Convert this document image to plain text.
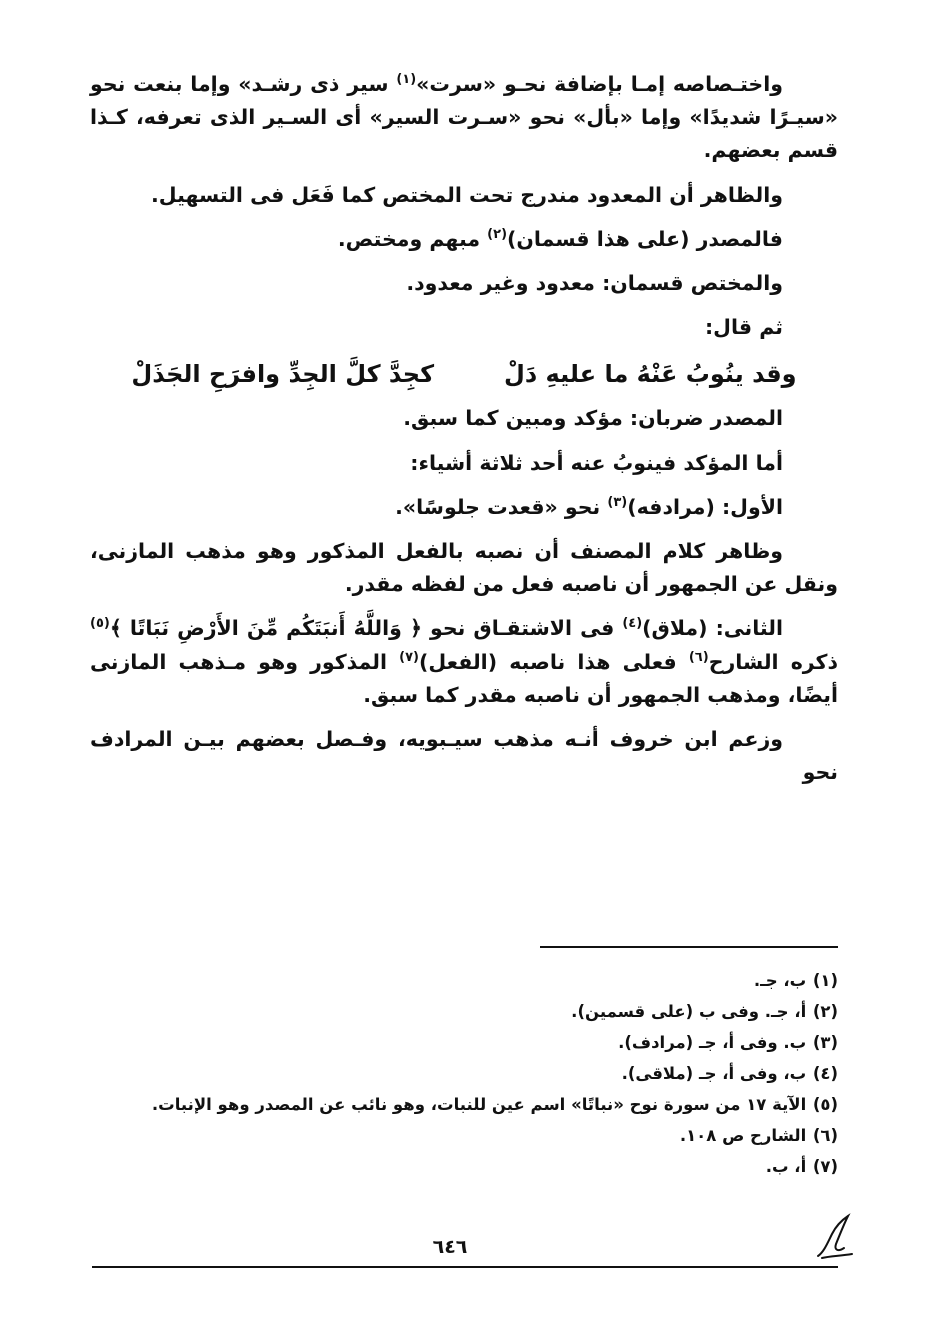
واختـصاصه إمـا بإضافة نحـو «سرت»$^{(١)}$ سير ذى رشـد» وإما بنعت نحو «سيـرًا شديدًا» وإما «بأل» نحو «سـرت السير» أى السـير الذى تعرفه، كـذا قسم بعضهم.

والظاهر أن المعدود مندرج تحت المختص كما فَعَل فى التسهيل.

فالمصدر (على هذا قسمان)$^{(٢)}$ مبهم ومختص.

والمختص قسمان: معدود وغير معدود.

ثم قال:

وقد ينُوبُ عَنْهُ ما عليهِ دَلْ
كجِدَّ كلَّ الجِدِّ وافرَحِ الجَذَلْ

المصدر ضربان: مؤكد ومبين كما سبق.

أما المؤكد فينوبُ عنه أحد ثلاثة أشياء:

الأول: (مرادفه)$^{(٣)}$ نحو «قعدت جلوسًا».

وظاهر كلام المصنف أن نصبه بالفعل المذكور وهو مذهب المازنى، ونقل عن الجمهور أن ناصبه فعل من لفظه مقدر.

الثانى: (ملاق)$^{(٤)}$ فى الاشتقـاق نحو ﴿ وَاللَّهُ أَنبَتَكُم مِّنَ الأَرْضِ نَبَاتًا ﴾$^{(٥)}$ ذكره الشارح$^{(٦)}$ فعلى هذا ناصبه (الفعل)$^{(٧)}$ المذكور وهو مـذهب المازنى أيضًا، ومذهب الجمهور أن ناصبه مقدر كما سبق.

وزعم ابن خروف أنـه مذهب سيـبويه، وفـصل بعضهم بيـن المرادف نحو

(١) ب، جـ.

(٢) أ، جـ. وفى ب (على قسمين).

(٣) ب. وفى أ، جـ (مرادف).

(٤) ب، وفى أ، جـ (ملاقى).

(٥) الآية ١٧ من سورة نوح «نباتًا» اسم عين للنبات، وهو نائب عن المصدر وهو الإنبات.

(٦) الشارح ص ١٠٨.

(٧) أ، ب.

٦٤٦
